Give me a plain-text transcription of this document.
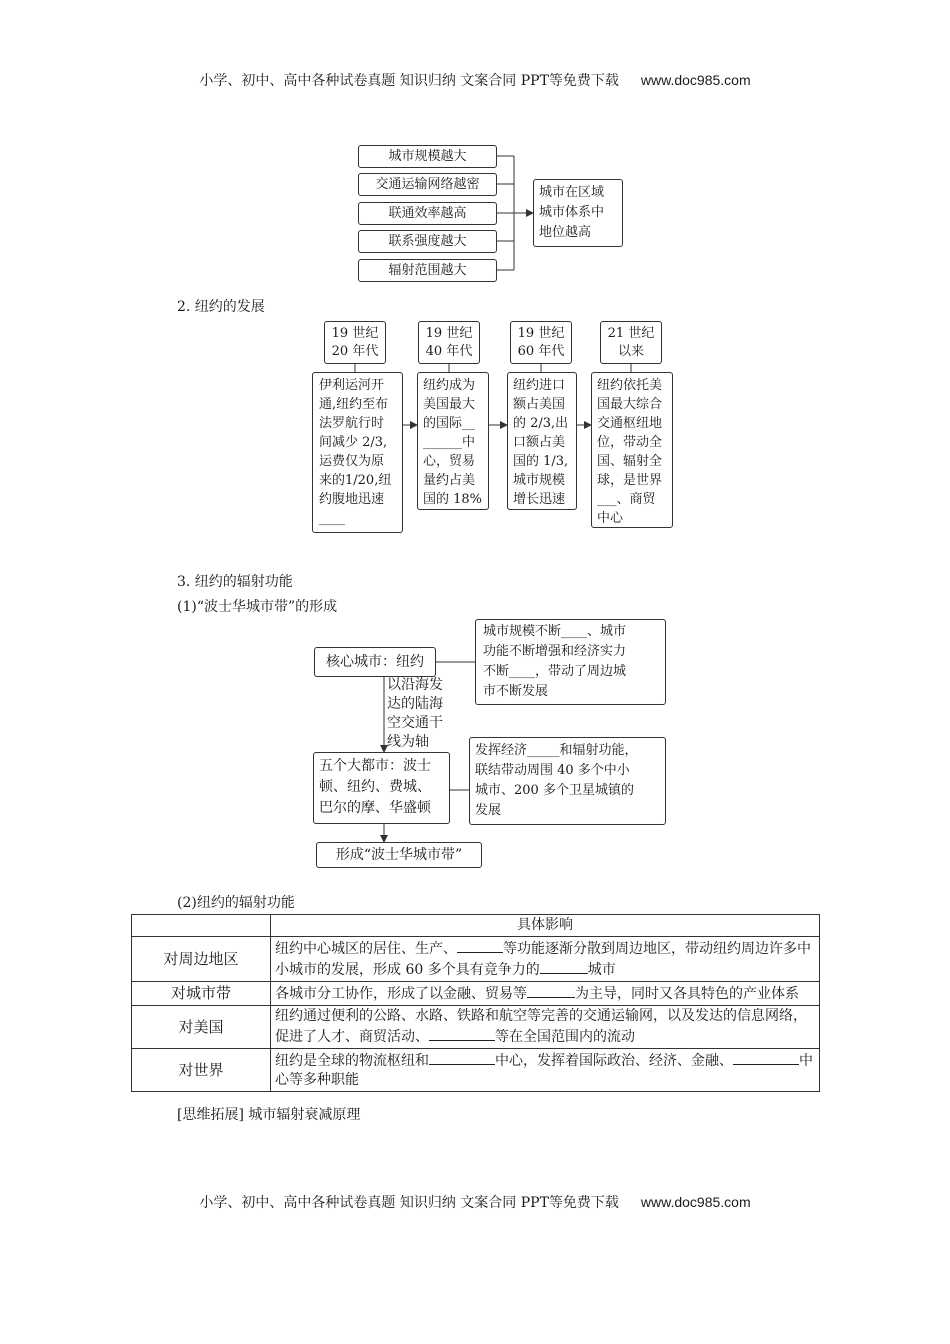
小学、初中、高中各种试卷真题 知识归纳 文案合同 PPT等免费下载 www.doc985.com
小学、初中、高中各种试卷真题 知识归纳 文案合同 PPT等免费下载 www.doc985.com
城市规模越大
交通运输网络越密
联通效率越高
联系强度越大
辐射范围越大
城市在区域
城市体系中
地位越高
2. 纽约的发展
19 世纪
20 年代
19 世纪
40 年代
19 世纪
60 年代
21 世纪
以来
伊利运河开
通,纽约至布
法罗航行时
间减少 2/3,
运费仅为原
来的1/20,纽
约腹地迅速
____
纽约成为
美国最大
的国际__
______中
心，贸易
量约占美
国的 18%
纽约进口
额占美国
的 2/3,出
口额占美
国的 1/3,
城市规模
增长迅速
纽约依托美
国最大综合
交通枢纽地
位，带动全
国、辐射全
球，是世界
___、商贸
中心
3. 纽约的辐射功能
(1)“波士华城市带”的形成
核心城市：纽约
城市规模不断____、城市
功能不断增强和经济实力
不断____，带动了周边城
市不断发展
以沿海发
达的陆海
空交通干
线为轴
五个大都市：波士
顿、纽约、费城、
巴尔的摩、华盛顿
发挥经济_____和辐射功能，
联结带动周围 40 多个中小
城市、200 多个卫星城镇的
发展
形成“波士华城市带”
(2)纽约的辐射功能
	具体影响
对周边地区	纽约中心城区的居住、生产、 等功能逐渐分散到周边地区，带动纽约周边许多中小城市的发展，形成 60 多个具有竞争力的 城市
对城市带	各城市分工协作，形成了以金融、贸易等 为主导，同时又各具特色的产业体系
对美国	纽约通过便利的公路、水路、铁路和航空等完善的交通运输网，以及发达的信息网络，促进了人才、商贸活动、 等在全国范围内的流动
对世界	纽约是全球的物流枢纽和 中心，发挥着国际政治、经济、金融、 中心等多种职能
[思维拓展] 城市辐射衰减原理
